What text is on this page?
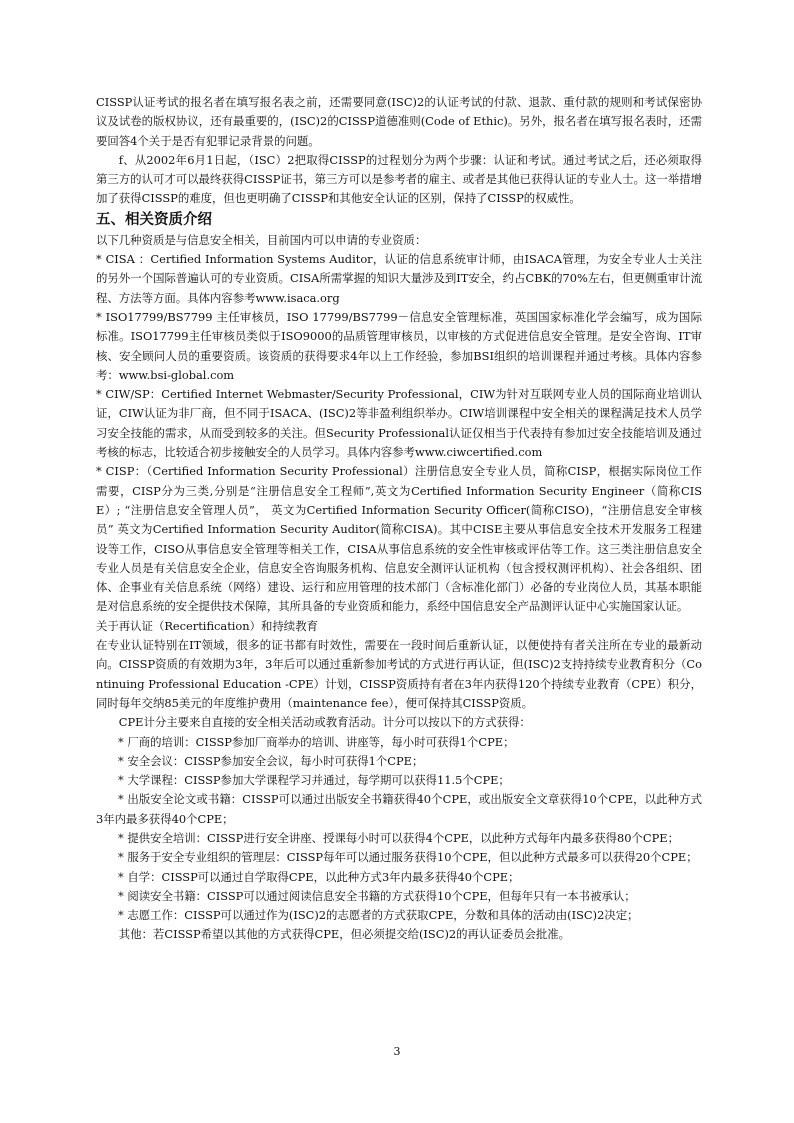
CISSP认证考试的报名者在填写报名表之前，还需要同意(ISC)2的认证考试的付款、退款、重付款的规则和考试保密协议及试卷的版权协议，还有最重要的，(ISC)2的CISSP道德准则(Code of Ethic)。另外，报名者在填写报名表时，还需要回答4个关于是否有犯罪记录背景的问题。

f、从2002年6月1日起，（ISC）2把取得CISSP的过程划分为两个步骤：认证和考试。通过考试之后，还必须取得第三方的认可才可以最终获得CISSP证书，第三方可以是参考者的雇主、或者是其他已获得认证的专业人士。这一举措增加了获得CISSP的难度，但也更明确了CISSP和其他安全认证的区别，保持了CISSP的权威性。

五、相关资质介绍

以下几种资质是与信息安全相关，目前国内可以申请的专业资质：

* CISA ：Certified Information Systems Auditor，认证的信息系统审计师，由ISACA管理，为安全专业人士关注的另外一个国际普遍认可的专业资质。CISA所需掌握的知识大量涉及到IT安全，约占CBK的70%左右，但更侧重审计流程、方法等方面。具体内容参考www.isaca.org

* ISO17799/BS7799 主任审核员，ISO 17799/BS7799－信息安全管理标准，英国国家标准化学会编写，成为国际标准。ISO17799主任审核员类似于ISO9000的品质管理审核员，以审核的方式促进信息安全管理。是安全咨询、IT审核、安全顾问人员的重要资质。该资质的获得要求4年以上工作经验，参加BSI组织的培训课程并通过考核。具体内容参考：www.bsi-global.com

* CIW/SP：Certified Internet Webmaster/Security Professional，CIW为针对互联网专业人员的国际商业培训认证，CIW认证为非厂商，但不同于ISACA、(ISC)2等非盈利组织举办。CIW培训课程中安全相关的课程满足技术人员学习安全技能的需求，从而受到较多的关注。但Security Professional认证仅相当于代表持有参加过安全技能培训及通过考核的标志，比较适合初步接触安全的人员学习。具体内容参考www.ciwcertified.com

* CISP：（Certified Information Security Professional）注册信息安全专业人员，简称CISP，根据实际岗位工作需要，CISP分为三类,分别是“注册信息安全工程师”,英文为Certified Information Security Engineer（简称CISE）; “注册信息安全管理人员”， 英文为Certified Information Security Officer(简称CISO)，“注册信息安全审核员” 英文为Certified Information Security Auditor(简称CISA)。其中CISE主要从事信息安全技术开发服务工程建设等工作，CISO从事信息安全管理等相关工作，CISA从事信息系统的安全性审核或评估等工作。这三类注册信息安全专业人员是有关信息安全企业，信息安全咨询服务机构、信息安全测评认证机构（包含授权测评机构）、社会各组织、团体、企事业有关信息系统（网络）建设、运行和应用管理的技术部门（含标准化部门）必备的专业岗位人员，其基本职能是对信息系统的安全提供技术保障，其所具备的专业资质和能力，系经中国信息安全产品测评认证中心实施国家认证。

关于再认证（Recertification）和持续教育

在专业认证特别在IT领域，很多的证书都有时效性，需要在一段时间后重新认证，以便使持有者关注所在专业的最新动向。CISSP资质的有效期为3年，3年后可以通过重新参加考试的方式进行再认证，但(ISC)2支持持续专业教育积分（Continuing Professional Education -CPE）计划，CISSP资质持有者在3年内获得120个持续专业教育（CPE）积分，同时每年交纳85美元的年度维护费用（maintenance fee），便可保持其CISSP资质。

CPE计分主要来自直接的安全相关活动或教育活动。计分可以按以下的方式获得：

* 厂商的培训：CISSP参加厂商举办的培训、讲座等，每小时可获得1个CPE；

* 安全会议：CISSP参加安全会议，每小时可获得1个CPE；

* 大学课程：CISSP参加大学课程学习并通过，每学期可以获得11.5个CPE；

* 出版安全论文或书籍：CISSP可以通过出版安全书籍获得40个CPE，或出版安全文章获得10个CPE，以此种方式3年内最多获得40个CPE；

* 提供安全培训：CISSP进行安全讲座、授课每小时可以获得4个CPE，以此种方式每年内最多获得80个CPE；

* 服务于安全专业组织的管理层：CISSP每年可以通过服务获得10个CPE，但以此种方式最多可以获得20个CPE；

* 自学：CISSP可以通过自学取得CPE，以此种方式3年内最多获得40个CPE；

* 阅读安全书籍：CISSP可以通过阅读信息安全书籍的方式获得10个CPE，但每年只有一本书被承认；

* 志愿工作：CISSP可以通过作为(ISC)2的志愿者的方式获取CPE，分数和具体的活动由(ISC)2决定；

其他：若CISSP希望以其他的方式获得CPE，但必须提交给(ISC)2的再认证委员会批准。

3
